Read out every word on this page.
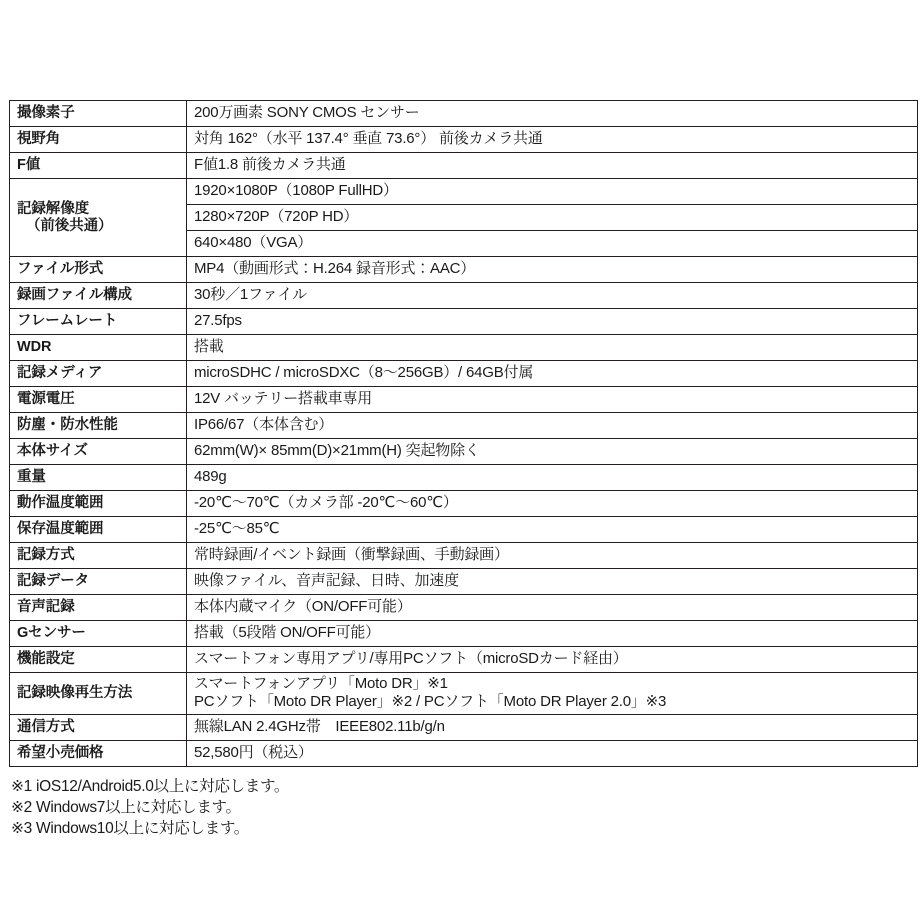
撮像素子	200万画素 SONY CMOS センサー
視野角	対角 162°（水平 137.4° 垂直 73.6°） 前後カメラ共通
F値	F値1.8 前後カメラ共通
記録解像度
（前後共通）	1920×1080P（1080P FullHD）
	1280×720P（720P HD）
	640×480（VGA）
ファイル形式	MP4（動画形式：H.264 録音形式：AAC）
録画ファイル構成	30秒／1ファイル
フレームレート	27.5fps
WDR	搭載
記録メディア	microSDHC / microSDXC（8〜256GB）/ 64GB付属
電源電圧	12V バッテリー搭載車専用
防塵・防水性能	IP66/67（本体含む）
本体サイズ	62mm(W)× 85mm(D)×21mm(H) 突起物除く
重量	489g
動作温度範囲	-20℃〜70℃（カメラ部 -20℃〜60℃）
保存温度範囲	-25℃〜85℃
記録方式	常時録画/イベント録画（衝撃録画、手動録画）
記録データ	映像ファイル、音声記録、日時、加速度
音声記録	本体内蔵マイク（ON/OFF可能）
Gセンサー	搭載（5段階 ON/OFF可能）
機能設定	スマートフォン専用アプリ/専用PCソフト（microSDカード経由）
記録映像再生方法	スマートフォンアプリ「Moto DR」※1
PCソフト「Moto DR Player」※2 / PCソフト「Moto DR Player 2.0」※3

通信方式	無線LAN 2.4GHz帯　IEEE802.11b/g/n
希望小売価格	52,580円（税込）
※1 iOS12/Android5.0以上に対応します。
※2 Windows7以上に対応します。
※3 Windows10以上に対応します。
